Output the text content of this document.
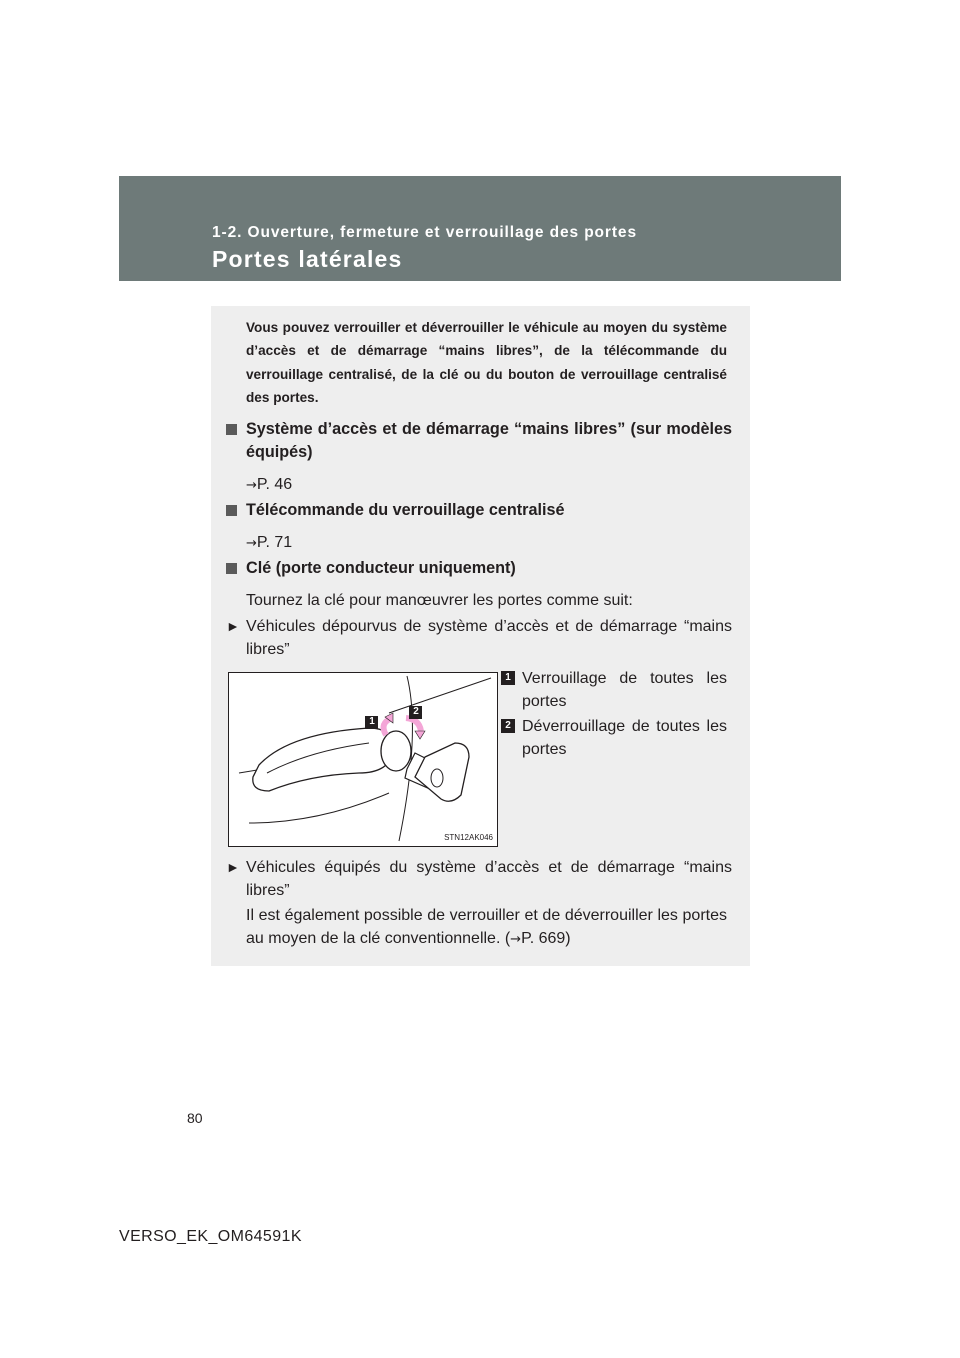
1-2. Ouverture, fermeture et verrouillage des portes
Portes latérales
Vous pouvez verrouiller et déverrouiller le véhicule au moyen du système d’accès et de démarrage “mains libres”, de la télécommande du verrouillage centralisé, de la clé ou du bouton de verrouillage centralisé des portes.
Système d’accès et de démarrage “mains libres” (sur modèles équipés)
→P. 46
Télécommande du verrouillage centralisé
→P. 71
Clé (porte conducteur uniquement)
Tournez la clé pour manœuvrer les portes comme suit:
► Véhicules dépourvus de système d’accès et de démarrage “mains libres”
1
2
STN12AK046
1 Verrouillage de toutes les portes
2 Déverrouillage de toutes les portes
► Véhicules équipés du système d’accès et de démarrage “mains libres”
Il est également possible de verrouiller et de déverrouiller les portes au moyen de la clé conventionnelle. (→P. 669)
80
VERSO_EK_OM64591K
